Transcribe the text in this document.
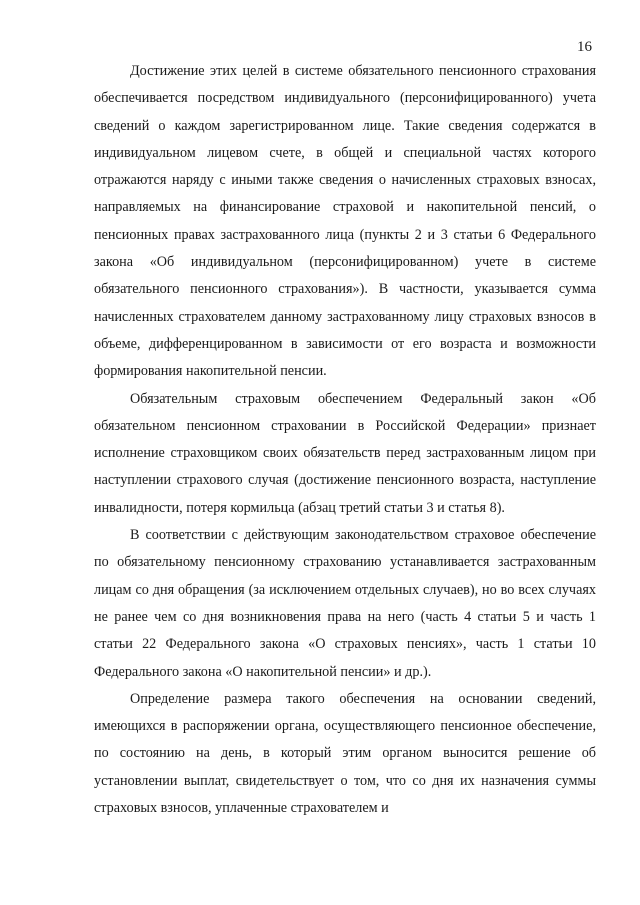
16

Достижение этих целей в системе обязательного пенсионного страхования обеспечивается посредством индивидуального (персонифицированного) учета сведений о каждом зарегистрированном лице. Такие сведения содержатся в индивидуальном лицевом счете, в общей и специальной частях которого отражаются наряду с иными также сведения о начисленных страховых взносах, направляемых на финансирование страховой и накопительной пенсий, о пенсионных правах застрахованного лица (пункты 2 и 3 статьи 6 Федерального закона «Об индивидуальном (персонифицированном) учете в системе обязательного пенсионного страхования»). В частности, указывается сумма начисленных страхователем данному застрахованному лицу страховых взносов в объеме, дифференцированном в зависимости от его возраста и возможности формирования накопительной пенсии.

Обязательным страховым обеспечением Федеральный закон «Об обязательном пенсионном страховании в Российской Федерации» признает исполнение страховщиком своих обязательств перед застрахованным лицом при наступлении страхового случая (достижение пенсионного возраста, наступление инвалидности, потеря кормильца (абзац третий статьи 3 и статья 8).

В соответствии с действующим законодательством страховое обеспечение по обязательному пенсионному страхованию устанавливается застрахованным лицам со дня обращения (за исключением отдельных случаев), но во всех случаях не ранее чем со дня возникновения права на него (часть 4 статьи 5 и часть 1 статьи 22 Федерального закона «О страховых пенсиях», часть 1 статьи 10 Федерального закона «О накопительной пенсии» и др.).

Определение размера такого обеспечения на основании сведений, имеющихся в распоряжении органа, осуществляющего пенсионное обеспечение, по состоянию на день, в который этим органом выносится решение об установлении выплат, свидетельствует о том, что со дня их назначения суммы страховых взносов, уплаченные страхователем и
